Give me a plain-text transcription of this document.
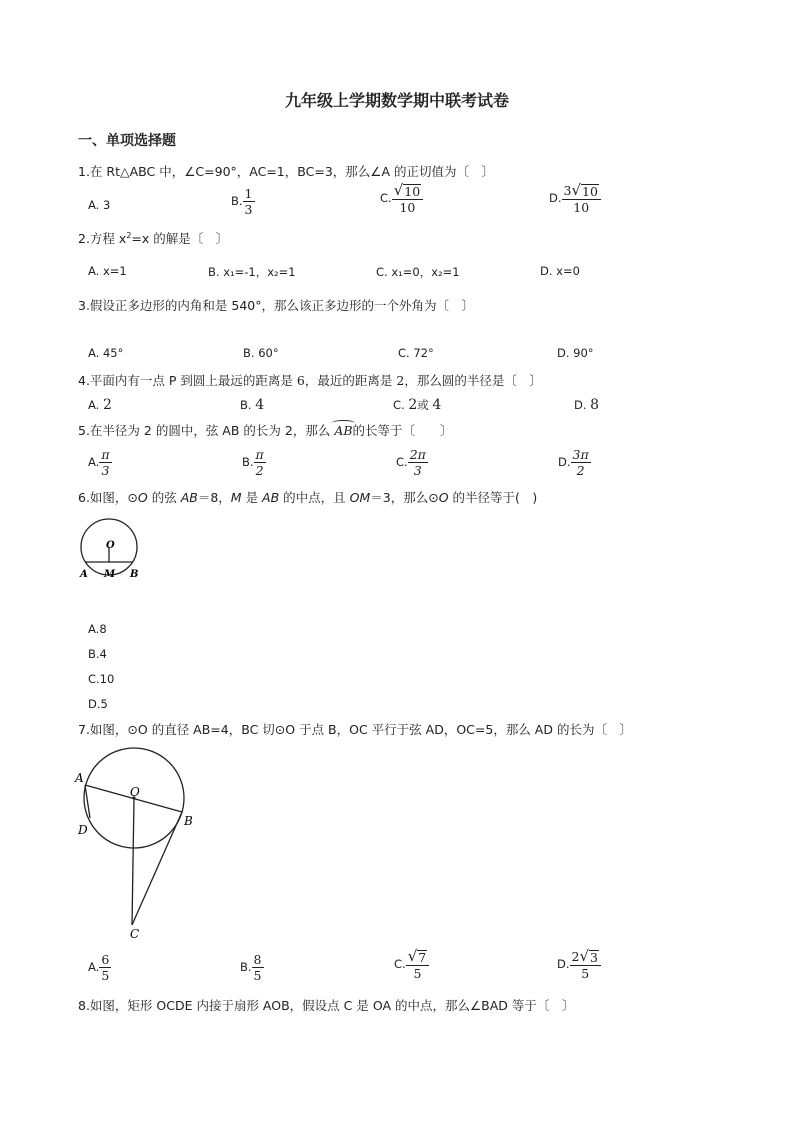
九年级上学期数学期中联考试卷
一、单项选择题
1.在 Rt△ABC 中，∠C=90°，AC=1，BC=3，那么∠A 的正切值为〔　〕
A. 3	B. $\frac{1}{3}$	C. $\frac{√ 10}{10}$	D. $\frac{3 √ 10}{10}$
2.方程 $x^2=x$ 的解是〔　〕
A. x=1	B. x₁=-1，x₂=1	C. x₁=0，x₂=1	D. x=0
3.假设正多边形的内角和是 540°，那么该正多边形的一个外角为〔　〕
A. 45°	B. 60°	C. 72°	D. 90°
4.平面内有一点 P 到圆上最远的距离是 6，最近的距离是 2，那么圆的半径是〔　〕
A. 2	B. 4	C. 2或 4	D. 8
5.在半径为 2 的圆中，弦 AB 的长为 2，那么 AB的长等于〔　　〕
A. $\frac{\pi}{3}$	B. $\frac{\pi}{2}$	C. $\frac{2\pi}{3}$	D. $\frac{3\pi}{2}$
6.如图，⊙O 的弦 AB＝8，M 是 AB 的中点，且 OM＝3，那么⊙O 的半径等于(　)
O
A M B
A.8
B.4
C.10
D.5
7.如图，⊙O 的直径 AB=4，BC 切⊙O 于点 B，OC 平行于弦 AD，OC=5，那么 AD 的长为〔　〕
A
O
B
D
C
A. $\frac{6}{5}$	B. $\frac{8}{5}$	C. $\frac{√ 7}{5}$	D. $\frac{2 √ 3}{5}$
8.如图，矩形 OCDE 内接于扇形 AOB，假设点 C 是 OA 的中点，那么∠BAD 等于〔　〕
